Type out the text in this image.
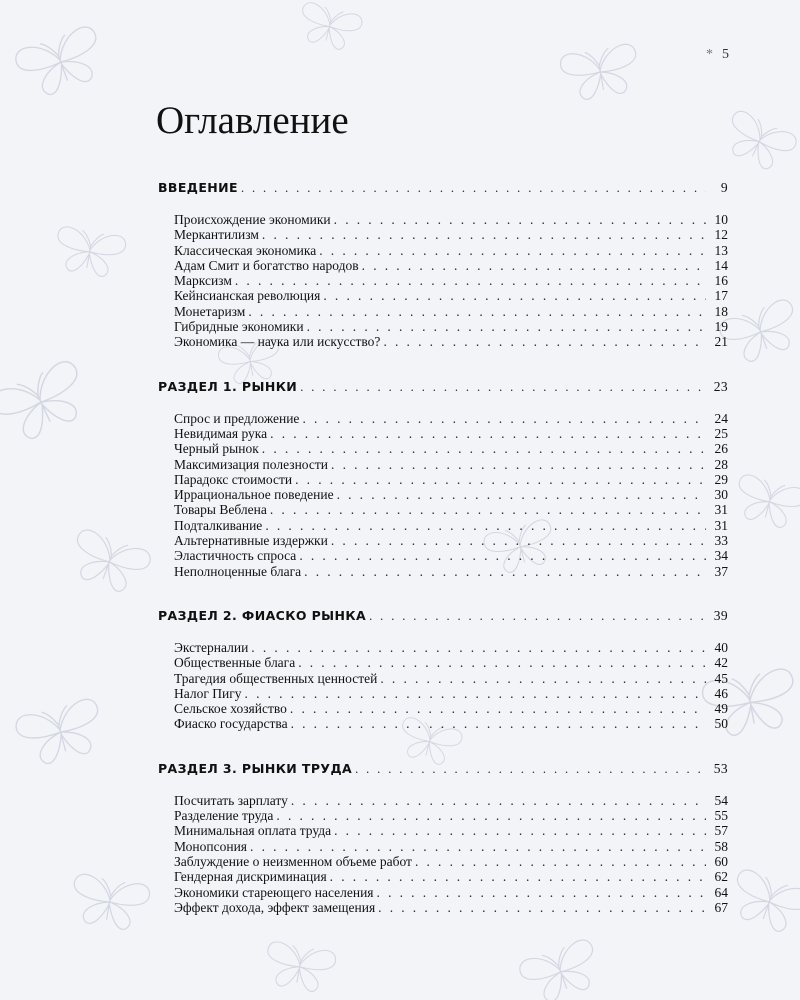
* 5
Оглавление
ВВЕДЕНИЕ . . .	9
Происхождение экономики . . .	10
Меркантилизм . . .	12
Классическая экономика . . .	13
Адам Смит и богатство народов . . .	14
Марксизм . . .	16
Кейнсианская революция . . .	17
Монетаризм . . .	18
Гибридные экономики . . .	19
Экономика — наука или искусство? . . .	21
РАЗДЕЛ 1. РЫНКИ . . .	23
Спрос и предложение . . .	24
Невидимая рука . . .	25
Черный рынок . . .	26
Максимизация полезности . . .	28
Парадокс стоимости . . .	29
Иррациональное поведение . . .	30
Товары Веблена . . .	31
Подталкивание . . .	31
Альтернативные издержки . . .	33
Эластичность спроса . . .	34
Неполноценные блага . . .	37
РАЗДЕЛ 2. ФИАСКО РЫНКА . . .	39
Экстерналии . . .	40
Общественные блага . . .	42
Трагедия общественных ценностей . . .	45
Налог Пигу . . .	46
Сельское хозяйство . . .	49
Фиаско государства . . .	50
РАЗДЕЛ 3. РЫНКИ ТРУДА . . .	53
Посчитать зарплату . . .	54
Разделение труда . . .	55
Минимальная оплата труда . . .	57
Монопсония . . .	58
Заблуждение о неизменном объеме работ . . .	60
Гендерная дискриминация . . .	62
Экономики стареющего населения . . .	64
Эффект дохода, эффект замещения . . .	67
